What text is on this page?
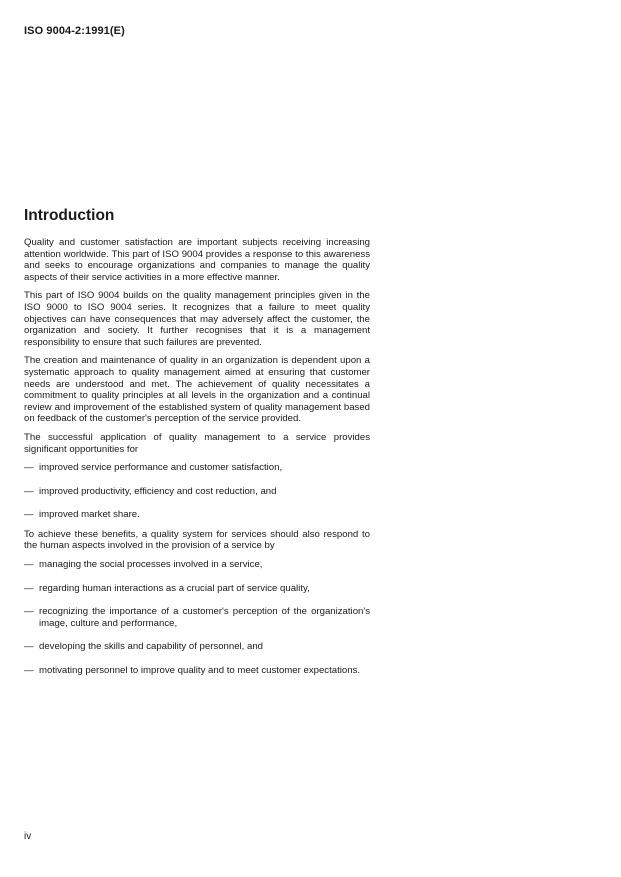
ISO 9004-2:1991(E)
Introduction

Quality and customer satisfaction are important subjects receiving increasing attention worldwide. This part of ISO 9004 provides a response to this awareness and seeks to encourage organizations and companies to manage the quality aspects of their service activities in a more effective manner.

This part of ISO 9004 builds on the quality management principles given in the ISO 9000 to ISO 9004 series. It recognizes that a failure to meet quality objectives can have consequences that may adversely affect the customer, the organization and society. It further recognises that it is a management responsibility to ensure that such failures are prevented.

The creation and maintenance of quality in an organization is dependent upon a systematic approach to quality management aimed at ensuring that customer needs are understood and met. The achievement of quality necessitates a commitment to quality principles at all levels in the organization and a continual review and improvement of the established system of quality management based on feedback of the customer's perception of the service provided.

The successful application of quality management to a service provides significant opportunities for

— improved service performance and customer satisfaction,
— improved productivity, efficiency and cost reduction, and
— improved market share.

To achieve these benefits, a quality system for services should also respond to the human aspects involved in the provision of a service by

— managing the social processes involved in a service,
— regarding human interactions as a crucial part of service quality,
— recognizing the importance of a customer's perception of the organization's image, culture and performance,
— developing the skills and capability of personnel, and
— motivating personnel to improve quality and to meet customer expectations.
iv
